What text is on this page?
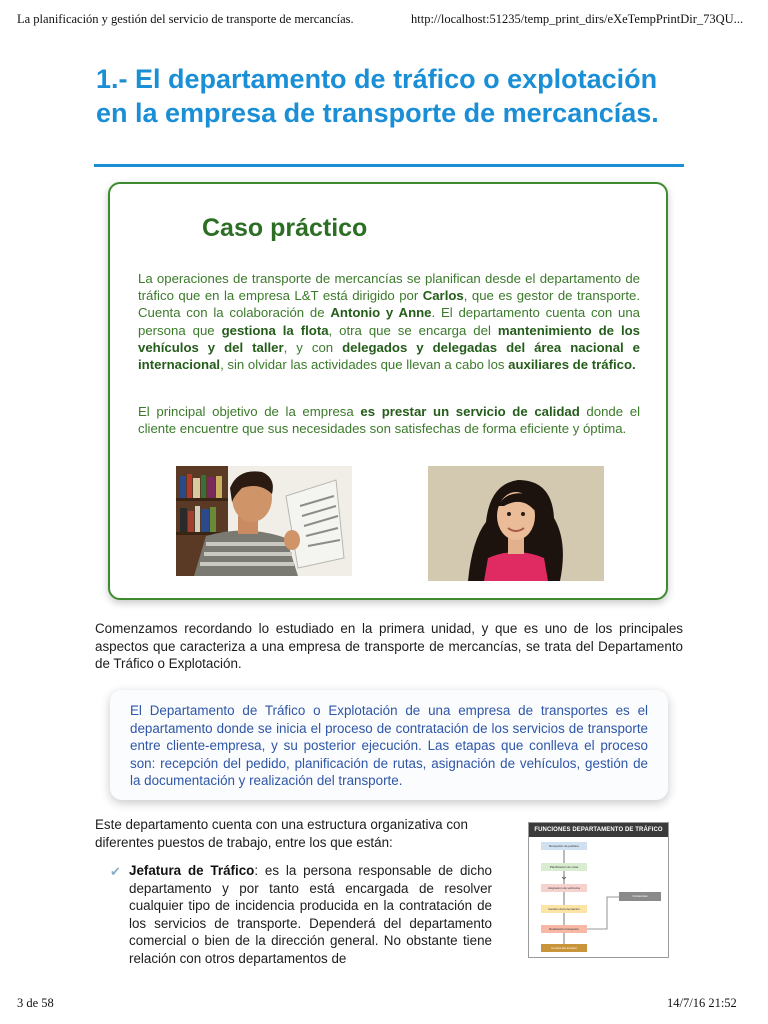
La planificación y gestión del servicio de transporte de mercancías.	http://localhost:51235/temp_print_dirs/eXeTempPrintDir_73QU...
1.- El departamento de tráfico o explotación en la empresa de transporte de mercancías.
Caso práctico

La operaciones de transporte de mercancías se planifican desde el departamento de tráfico que en la empresa L&T está dirigido por Carlos, que es gestor de transporte. Cuenta con la colaboración de Antonio y Anne. El departamento cuenta con una persona que gestiona la flota, otra que se encarga del mantenimiento de los vehículos y del taller, y con delegados y delegadas del área nacional e internacional, sin olvidar las actividades que llevan a cabo los auxiliares de tráfico.

El principal objetivo de la empresa es prestar un servicio de calidad donde el cliente encuentre que sus necesidades son satisfechas de forma eficiente y óptima.

Comenzamos recordando lo estudiado en la primera unidad, y que es uno de los principales aspectos que caracteriza a una empresa de transporte de mercancías, se trata del Departamento de Tráfico o Explotación.

El Departamento de Tráfico o Explotación de una empresa de transportes es el departamento donde se inicia el proceso de contratación de los servicios de transporte entre cliente-empresa, y su posterior ejecución. Las etapas que conlleva el proceso son: recepción del pedido, planificación de rutas, asignación de vehículos, gestión de la documentación y realización del transporte.

Este departamento cuenta con una estructura organizativa con diferentes puestos de trabajo, entre los que están:

✔ Jefatura de Tráfico: es la persona responsable de dicho departamento y por tanto está encargada de resolver cualquier tipo de incidencia producida en la contratación de los servicios de transporte. Dependerá del departamento comercial o bien de la dirección general. No obstante tiene relación con otros departamentos de

FUNCIONES DEPARTAMENTO DE TRÁFICO
Recepción de pedidos
Planificación de rutas
Asignación de vehículos
Gestión documentación
Realización transporte
Control del servicio
Incidencias
3 de 58	14/7/16 21:52
